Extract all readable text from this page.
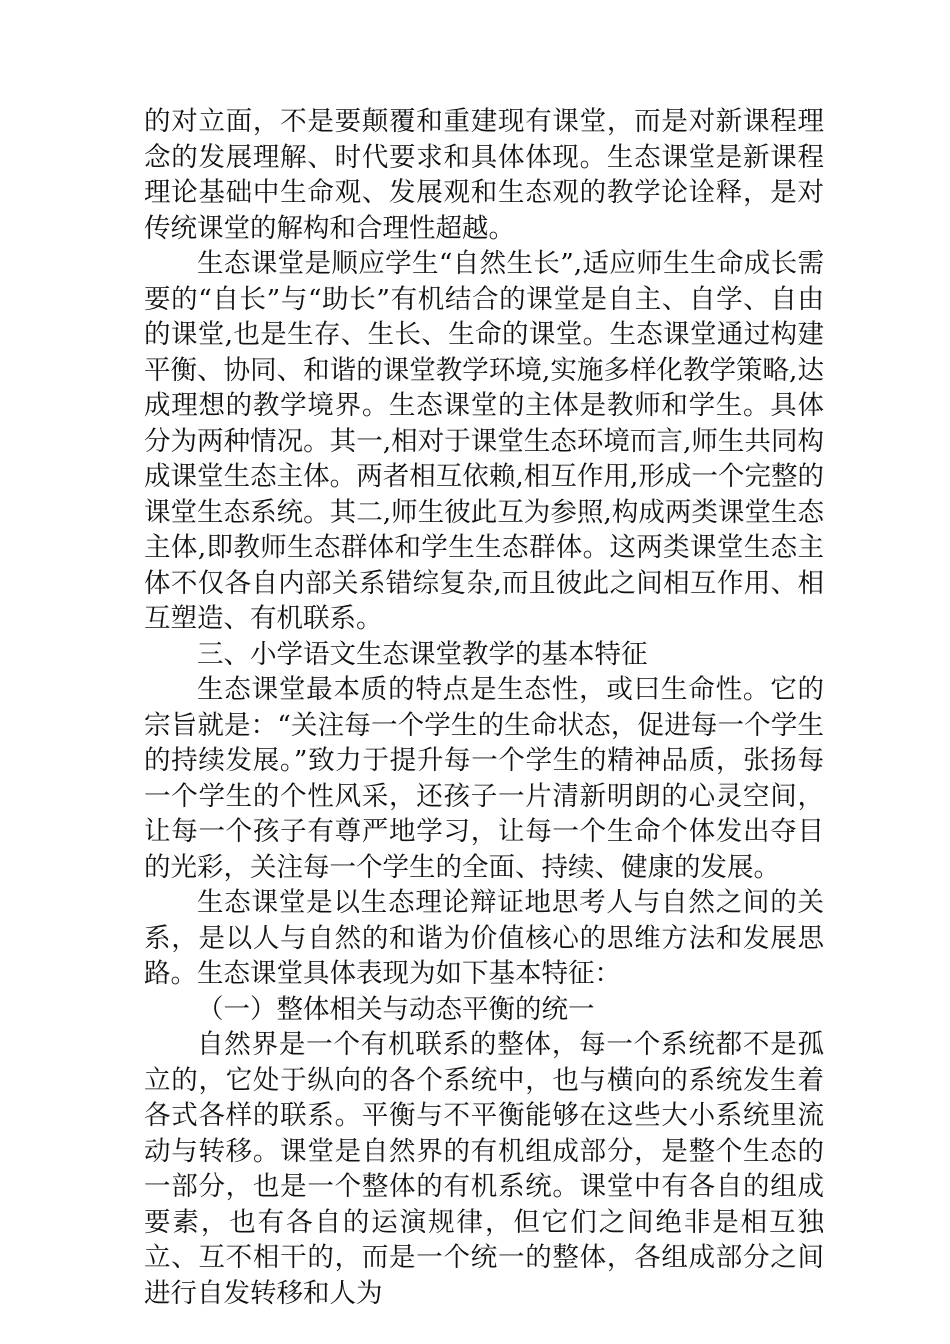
的对立面，不是要颠覆和重建现有课堂，而是对新课程理念的发展理解、时代要求和具体体现。生态课堂是新课程理论基础中生命观、发展观和生态观的教学论诠释，是对传统课堂的解构和合理性超越。

生态课堂是顺应学生“自然生长”,适应师生生命成长需要的“自长”与“助长”有机结合的课堂是自主、自学、自由的课堂,也是生存、生长、生命的课堂。生态课堂通过构建平衡、协同、和谐的课堂教学环境,实施多样化教学策略,达成理想的教学境界。生态课堂的主体是教师和学生。具体分为两种情况。其一,相对于课堂生态环境而言,师生共同构成课堂生态主体。两者相互依赖,相互作用,形成一个完整的课堂生态系统。其二,师生彼此互为参照,构成两类课堂生态主体,即教师生态群体和学生生态群体。这两类课堂生态主体不仅各自内部关系错综复杂,而且彼此之间相互作用、相互塑造、有机联系。

三、小学语文生态课堂教学的基本特征

生态课堂最本质的特点是生态性，或曰生命性。它的宗旨就是：“关注每一个学生的生命状态，促进每一个学生的持续发展。”致力于提升每一个学生的精神品质，张扬每一个学生的个性风采，还孩子一片清新明朗的心灵空间，让每一个孩子有尊严地学习，让每一个生命个体发出夺目的光彩，关注每一个学生的全面、持续、健康的发展。

生态课堂是以生态理论辩证地思考人与自然之间的关系，是以人与自然的和谐为价值核心的思维方法和发展思路。生态课堂具体表现为如下基本特征：

（一）整体相关与动态平衡的统一

自然界是一个有机联系的整体，每一个系统都不是孤立的，它处于纵向的各个系统中，也与横向的系统发生着各式各样的联系。平衡与不平衡能够在这些大小系统里流动与转移。课堂是自然界的有机组成部分，是整个生态的一部分，也是一个整体的有机系统。课堂中有各自的组成要素，也有各自的运演规律，但它们之间绝非是相互独立、互不相干的，而是一个统一的整体，各组成部分之间进行自发转移和人为
